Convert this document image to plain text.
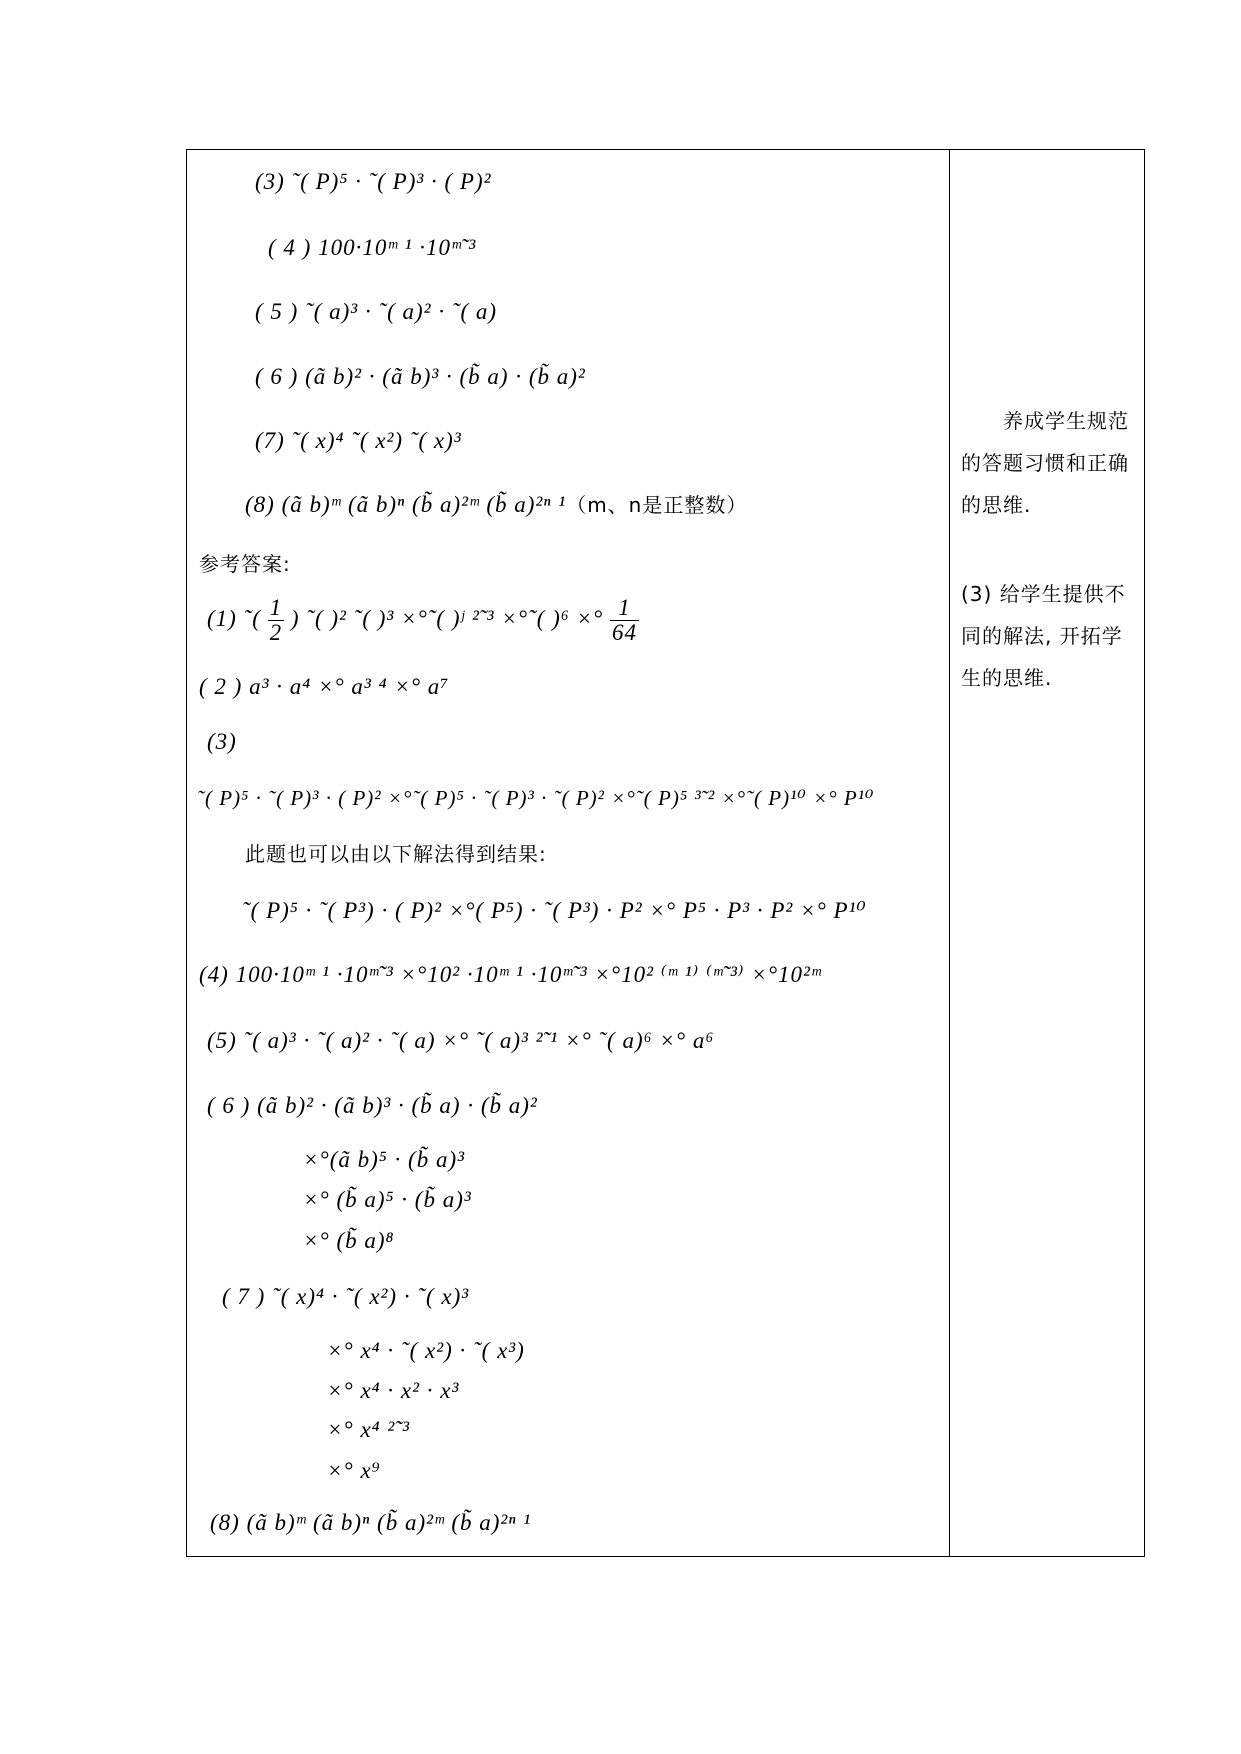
(3) ˜( P)⁵ · ˜( P)³ · ( P)²
( 4 ) 100·10ᵐ ¹ ·10ᵐ̃ ³
( 5 ) ˜( a)³ · ˜( a)² · ˜( a)
( 6 ) (ã b)² · (ã b)³ · (b̃ a) · (b̃ a)²
(7) ˜( x)⁴ ˜( x²) ˜( x)³
(8) (ã b)ᵐ (ã b)ⁿ (b̃ a)²ᵐ (b̃ a)²ⁿ ¹（m、n是正整数）
参考答案:
(1) ˜( $\frac{1}{2}$ ) ˜( )² ˜( )³ ×°˜( )ʲ ²̃ ³ ×°˜( )⁶ ×° $\frac{1}{64}$
( 2 ) a³ · a⁴ ×° a³ ⁴ ×° a⁷
(3)
˜( P)⁵ · ˜( P)³ · ( P)² ×°˜( P)⁵ · ˜( P)³ · ˜( P)² ×°˜( P)⁵ ³̃ ² ×°˜( P)¹⁰ ×° P¹⁰
此题也可以由以下解法得到结果:
˜( P)⁵ · ˜( P³) · ( P)² ×°( P⁵) · ˜( P³) · P² ×° P⁵ · P³ · P² ×° P¹⁰
(4) 100·10ᵐ ¹ ·10ᵐ̃ ³ ×°10² ·10ᵐ ¹ ·10ᵐ̃ ³ ×°10² ⁽ᵐ ¹⁾ ⁽ᵐ̃ ³⁾ ×°10²ᵐ
(5) ˜( a)³ · ˜( a)² · ˜( a) ×° ˜( a)³ ²̃ ¹ ×° ˜( a)⁶ ×° a⁶
( 6 ) (ã b)² · (ã b)³ · (b̃ a) · (b̃ a)²
×°(ã b)⁵ · (b̃ a)³
×° (b̃ a)⁵ · (b̃ a)³
×° (b̃ a)⁸
( 7 ) ˜( x)⁴ · ˜( x²) · ˜( x)³
×° x⁴ · ˜( x²) · ˜( x³)
×° x⁴ · x² · x³
×° x⁴ ²̃ ³
×° x⁹
(8) (ã b)ᵐ (ã b)ⁿ (b̃ a)²ᵐ (b̃ a)²ⁿ ¹
养成学生规范的答题习惯和正确的思维.
(3) 给学生提供不同的解法, 开拓学生的思维.
